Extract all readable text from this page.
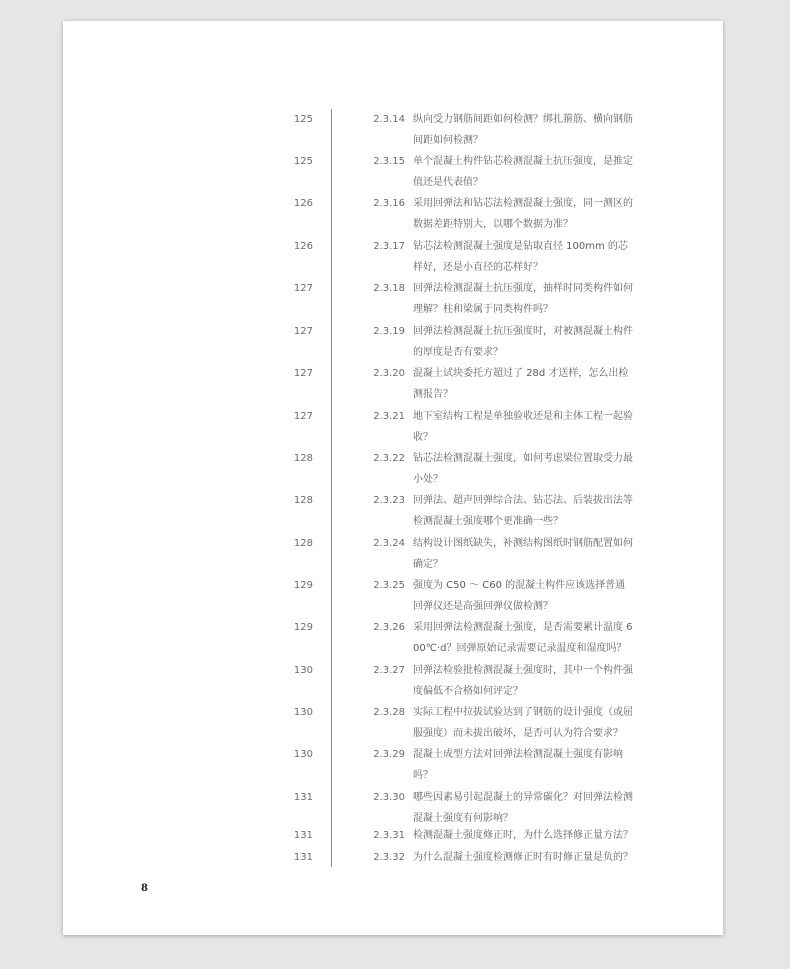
125	2.3.14 纵向受力钢筋间距如何检测？绑扎箍筋、横向钢筋间距如何检测？
125	2.3.15 单个混凝土构件钻芯检测混凝土抗压强度，是推定值还是代表值？
126	2.3.16 采用回弹法和钻芯法检测混凝土强度，同一测区的数据差距特别大，以哪个数据为准？
126	2.3.17 钻芯法检测混凝土强度是钻取直径 100mm 的芯样好，还是小直径的芯样好？
127	2.3.18 回弹法检测混凝土抗压强度，抽样时同类构件如何理解？柱和梁属于同类构件吗？
127	2.3.19 回弹法检测混凝土抗压强度时，对被测混凝土构件的厚度是否有要求？
127	2.3.20 混凝土试块委托方超过了 28d 才送样，怎么出检测报告？
127	2.3.21 地下室结构工程是单独验收还是和主体工程一起验收？
128	2.3.22 钻芯法检测混凝土强度，如何考虑梁位置取受力最小处？
128	2.3.23 回弹法、超声回弹综合法、钻芯法、后装拔出法等检测混凝土强度哪个更准确一些？
128	2.3.24 结构设计图纸缺失，补测结构图纸时钢筋配置如何确定？
129	2.3.25 强度为 C50 ～ C60 的混凝土构件应该选择普通回弹仪还是高强回弹仪做检测？
129	2.3.26 采用回弹法检测混凝土强度，是否需要累计温度 600℃·d？回弹原始记录需要记录温度和湿度吗？
130	2.3.27 回弹法检验批检测混凝土强度时，其中一个构件强度偏低不合格如何评定？
130	2.3.28 实际工程中拉拔试验达到了钢筋的设计强度（或屈服强度）而未拔出破坏，是否可认为符合要求？
130	2.3.29 混凝土成型方法对回弹法检测混凝土强度有影响吗？
131	2.3.30 哪些因素易引起混凝土的异常碳化？对回弹法检测混凝土强度有何影响？
131	2.3.31 检测混凝土强度修正时，为什么选择修正量方法？
131	2.3.32 为什么混凝土强度检测修正时有时修正量是负的？
8
